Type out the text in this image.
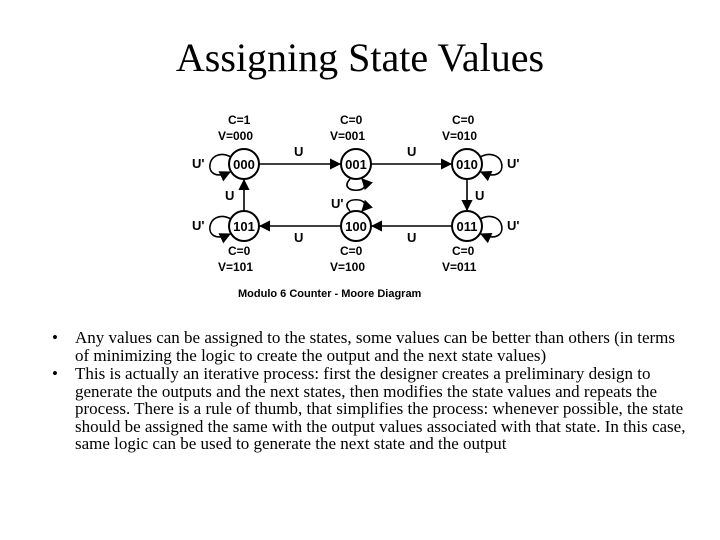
Assigning State Values
C=1
V=000
C=0
V=001
C=0
V=010
000	001	010
101	100	011
U	U
U	U
U	U
U'
U'
U'
U'
U'
C=0
V=101
C=0
V=100
C=0
V=011
Modulo 6 Counter - Moore Diagram
• Any values can be assigned to the states, some values can be better than others (in terms of minimizing the logic to create the output and the next state values)
• This is actually an iterative process: first the designer creates a preliminary design to generate the outputs and the next states, then modifies the state values and repeats the process. There is a rule of thumb, that simplifies the process: whenever possible, the state should be assigned the same with the output values associated with that state. In this case, same logic can be used to generate the next state and the output
